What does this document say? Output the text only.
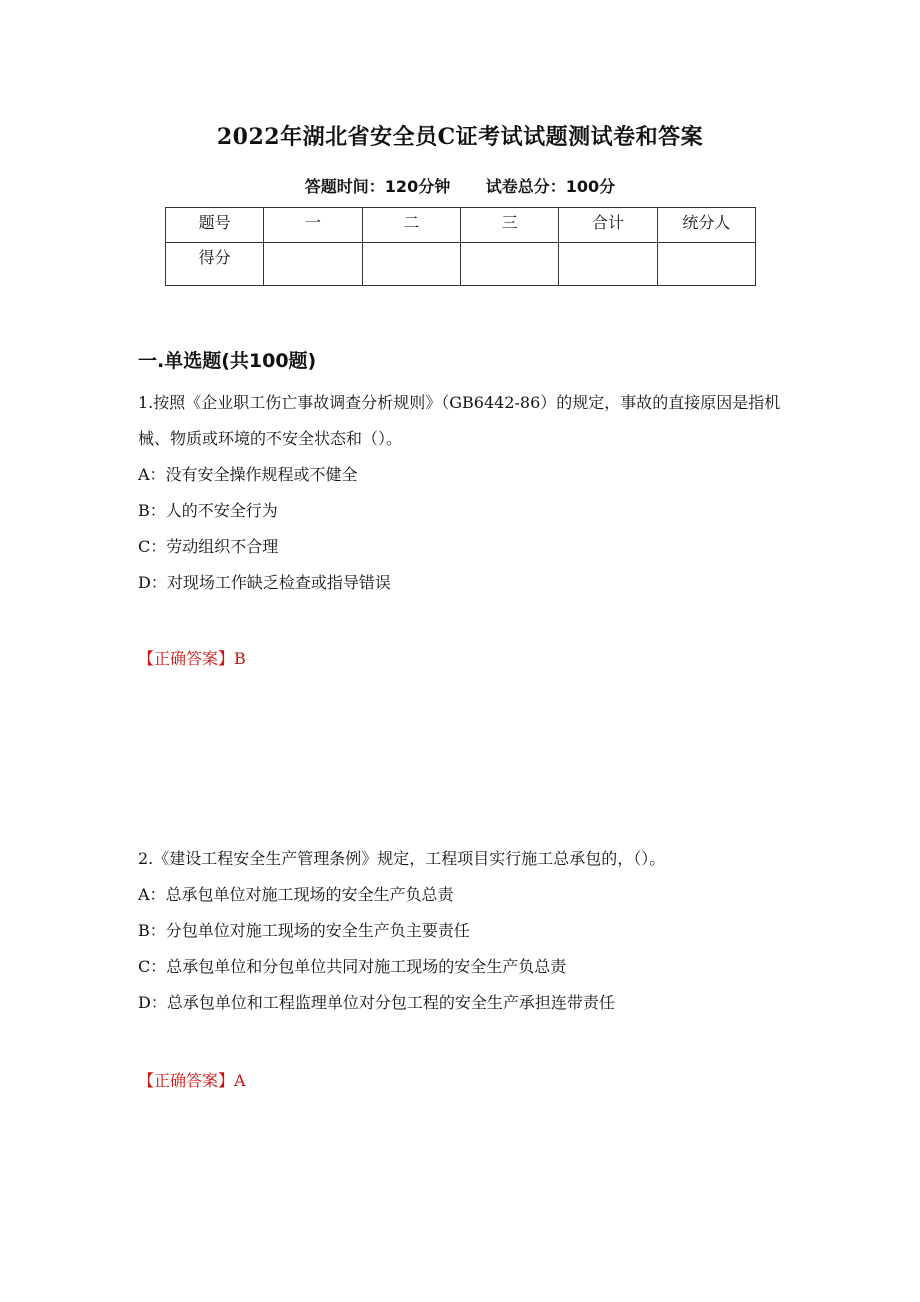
2022年湖北省安全员C证考试试题测试卷和答案
答题时间：120分钟 试卷总分：100分
题号	一	二	三	合计	统分人
得分					
一.单选题(共100题)

1.按照《企业职工伤亡事故调查分析规则》（GB6442-86）的规定，事故的直接原因是指机械、物质或环境的不安全状态和（）。

A：没有安全操作规程或不健全

B：人的不安全行为

C：劳动组织不合理

D：对现场工作缺乏检查或指导错误

【正确答案】B

2.《建设工程安全生产管理条例》规定，工程项目实行施工总承包的，（）。

A：总承包单位对施工现场的安全生产负总责

B：分包单位对施工现场的安全生产负主要责任

C：总承包单位和分包单位共同对施工现场的安全生产负总责

D：总承包单位和工程监理单位对分包工程的安全生产承担连带责任

【正确答案】A
